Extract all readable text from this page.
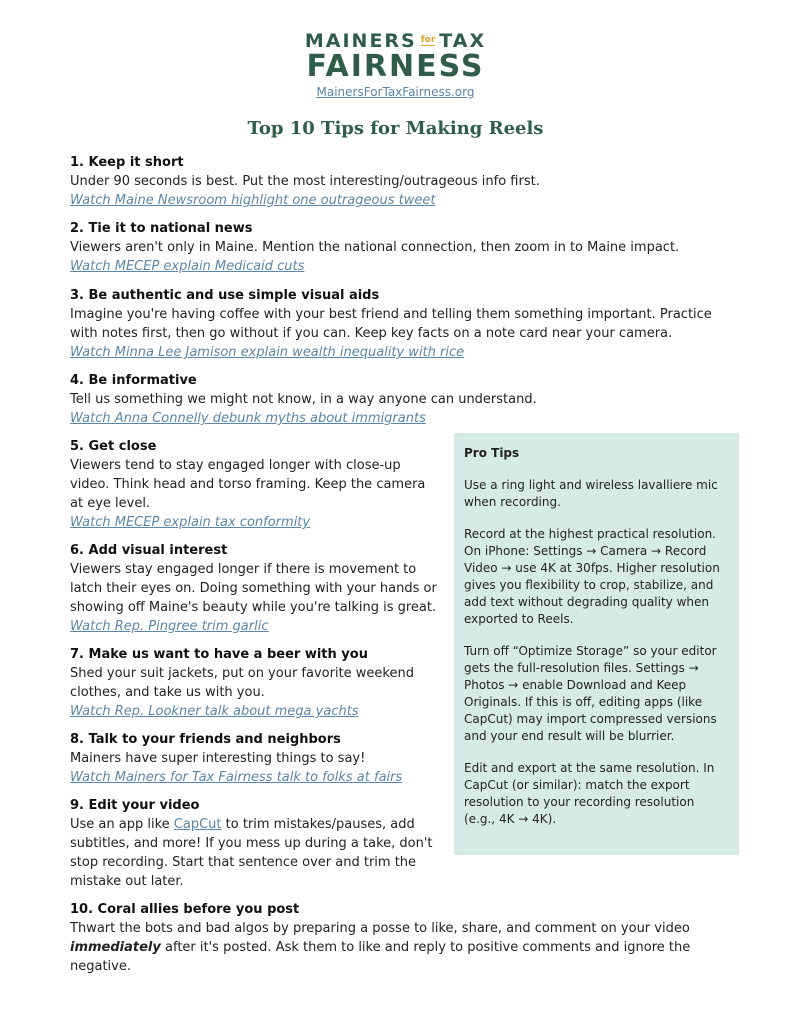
MAINERS for TAX
FAIRNESS
MainersForTaxFairness.org
Top 10 Tips for Making Reels
1. Keep it short
Under 90 seconds is best. Put the most interesting/outrageous info first.
Watch Maine Newsroom highlight one outrageous tweet
2. Tie it to national news
Viewers aren't only in Maine. Mention the national connection, then zoom in to Maine impact.
Watch MECEP explain Medicaid cuts
3. Be authentic and use simple visual aids
Imagine you're having coffee with your best friend and telling them something important. Practice with notes first, then go without if you can. Keep key facts on a note card near your camera.
Watch Minna Lee Jamison explain wealth inequality with rice
4. Be informative
Tell us something we might not know, in a way anyone can understand.
Watch Anna Connelly debunk myths about immigrants
5. Get close
Viewers tend to stay engaged longer with close-up video. Think head and torso framing. Keep the camera at eye level.
Watch MECEP explain tax conformity
6. Add visual interest
Viewers stay engaged longer if there is movement to latch their eyes on. Doing something with your hands or showing off Maine's beauty while you're talking is great.
Watch Rep. Pingree trim garlic
7. Make us want to have a beer with you
Shed your suit jackets, put on your favorite weekend clothes, and take us with you.
Watch Rep. Lookner talk about mega yachts
8. Talk to your friends and neighbors
Mainers have super interesting things to say!
Watch Mainers for Tax Fairness talk to folks at fairs
9. Edit your video
Use an app like CapCut to trim mistakes/pauses, add subtitles, and more! If you mess up during a take, don't stop recording. Start that sentence over and trim the mistake out later.
10. Coral allies before you post
Thwart the bots and bad algos by preparing a posse to like, share, and comment on your video immediately after it's posted. Ask them to like and reply to positive comments and ignore the negative.
Pro Tips

Use a ring light and wireless lavalliere mic when recording.

Record at the highest practical resolution. On iPhone: Settings → Camera → Record Video → use 4K at 30fps. Higher resolution gives you flexibility to crop, stabilize, and add text without degrading quality when exported to Reels.

Turn off “Optimize Storage” so your editor gets the full-resolution files. Settings → Photos → enable Download and Keep Originals. If this is off, editing apps (like CapCut) may import compressed versions and your end result will be blurrier.

Edit and export at the same resolution. In CapCut (or similar): match the export resolution to your recording resolution (e.g., 4K → 4K).
